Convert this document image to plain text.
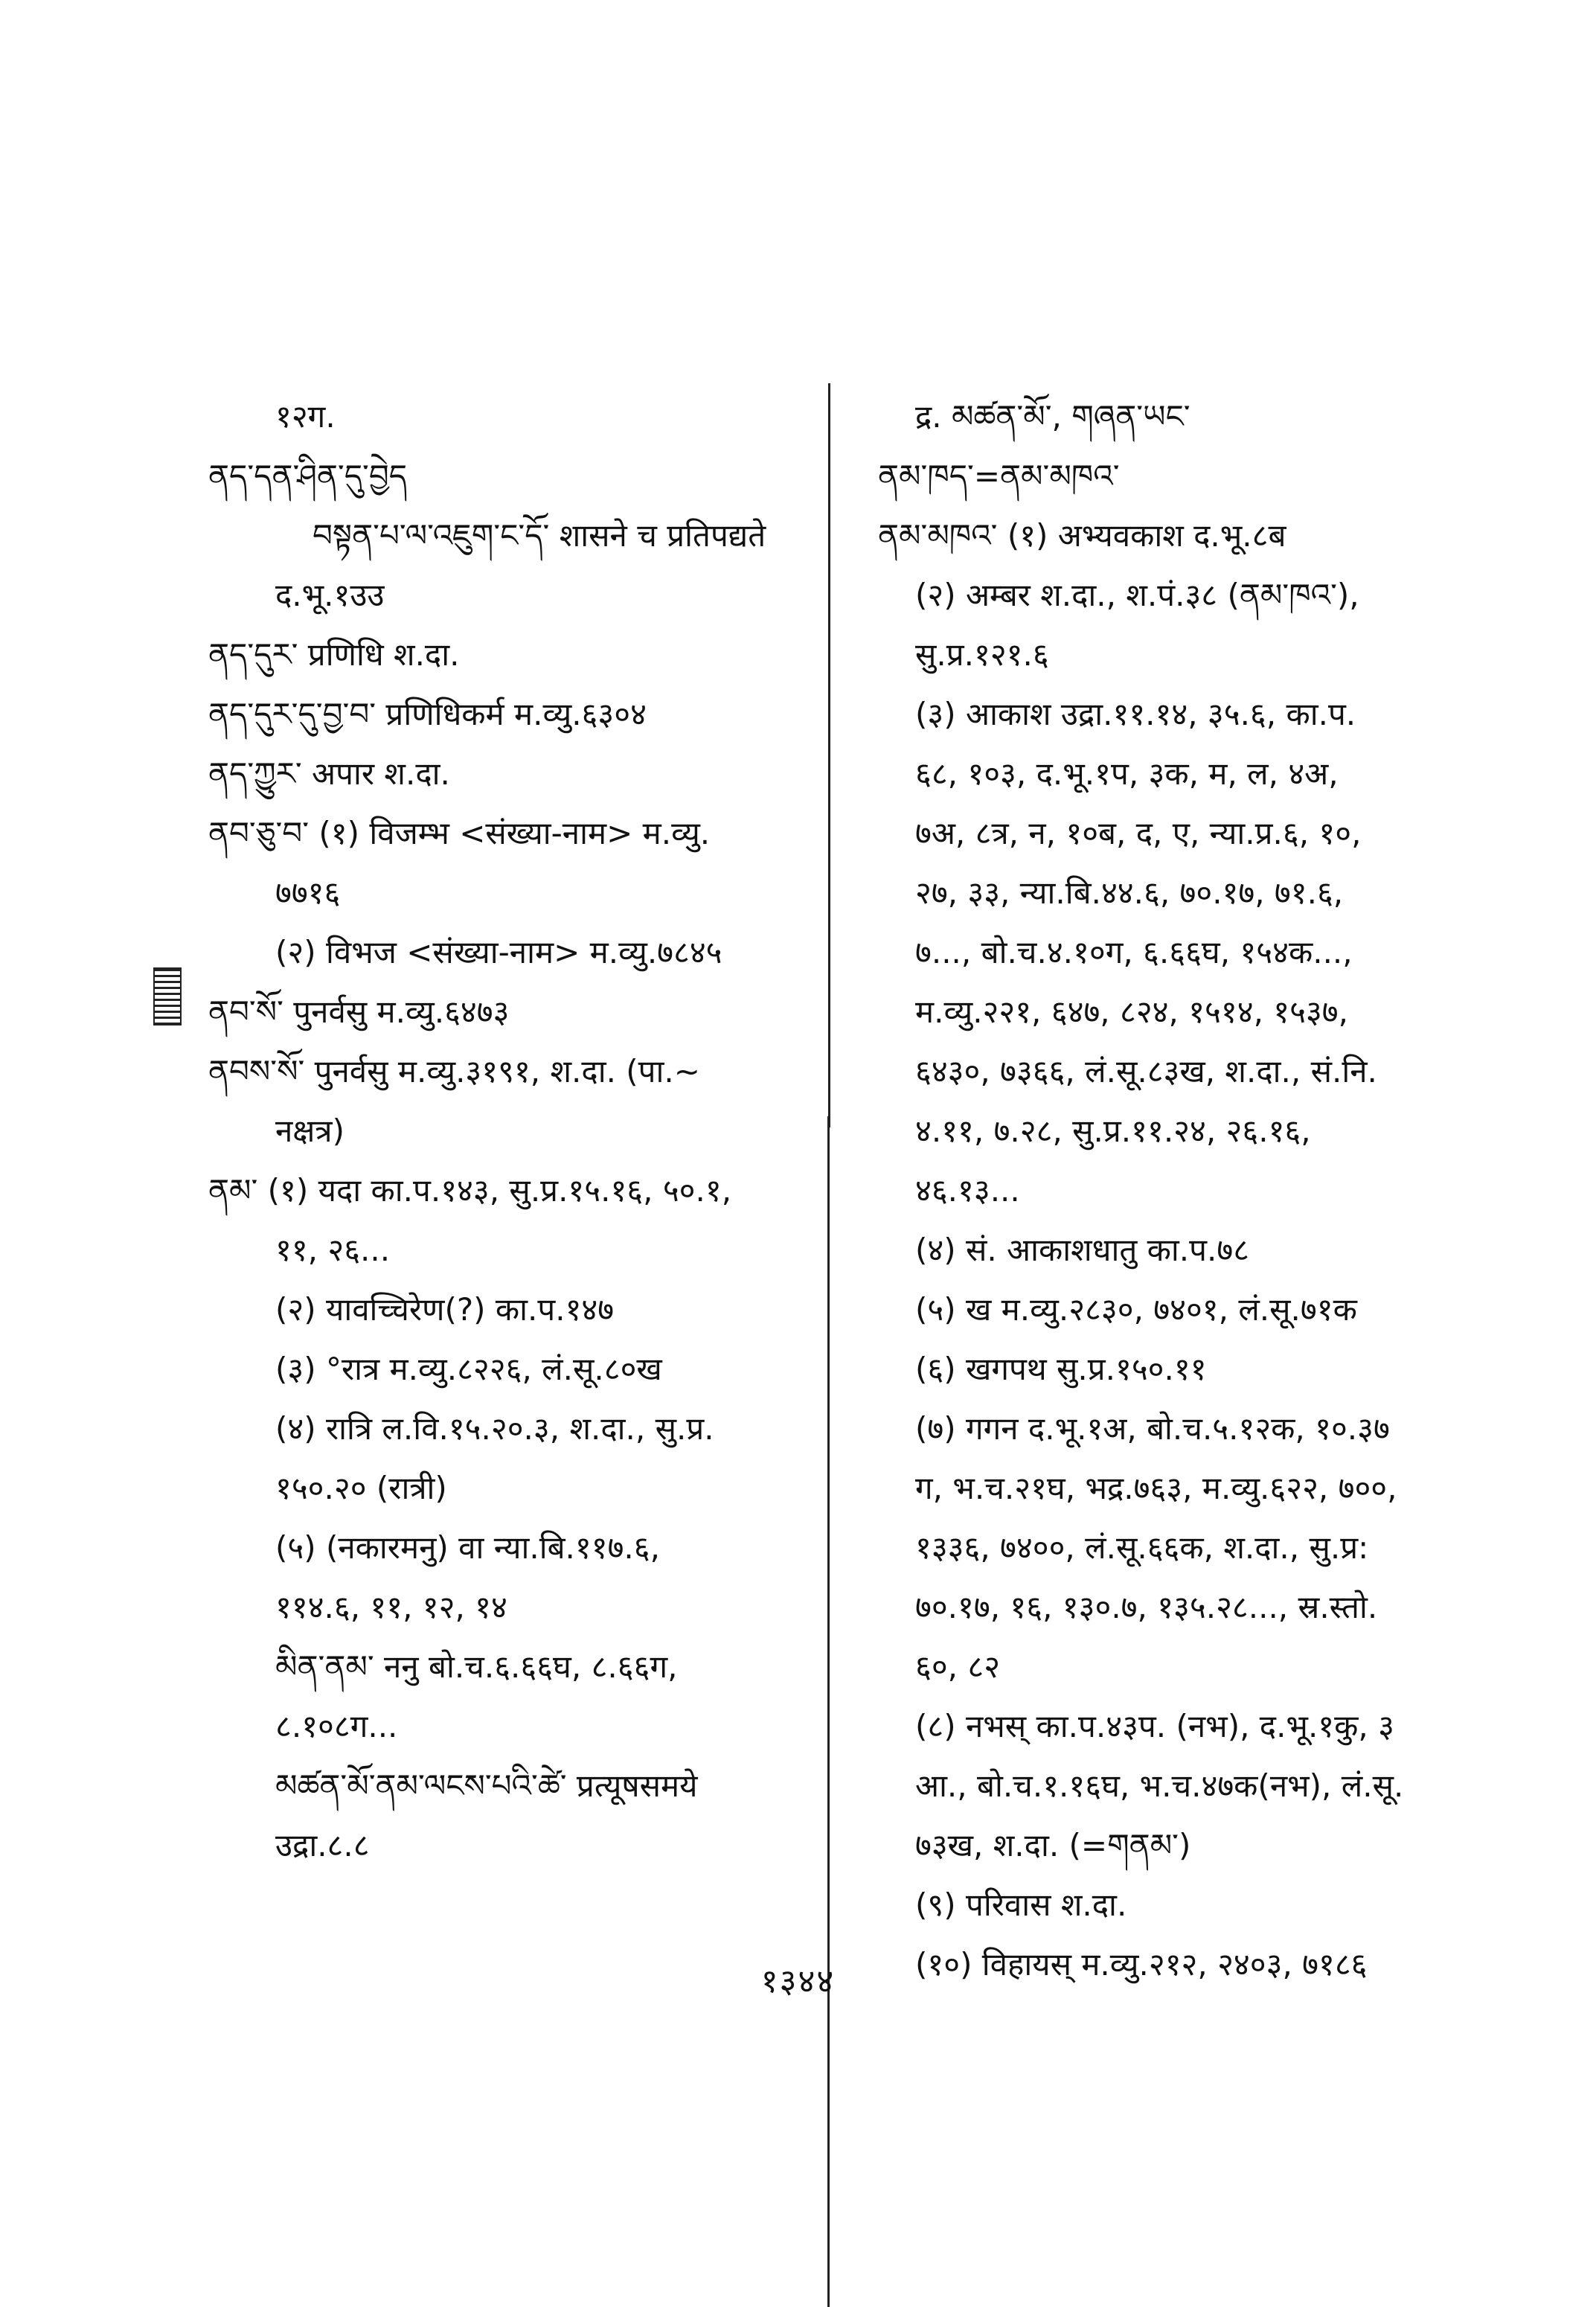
१२ग.
ནད་དན་ཤིན་དུ་བྱེད
བསྟན་པ་ལ་འཇུག་ང་དོ་ शासने च प्रतिपद्यते
द.भू.१उउ
ནད་དུར་ प्रणिधि श.दा.
ནད་དུར་དུ་བྱ་བ་ प्रणिधिकर्म म.व्यु.६३०४
ནད་ཀྱུར་ अपार श.दा.
ནབ་ཅུ་བ་ (१) विजम्भ <संख्या-नाम> म.व्यु.
७७१६
(२) विभज <संख्या-नाम> म.व्यु.७८४५
ནབ་སོ་ पुनर्वसु म.व्यु.६४७३
ནབས་སོ་ पुनर्वसु म.व्यु.३१९१, श.दा. (पा.~
नक्षत्र)
ནམ་ (१) यदा का.प.१४३, सु.प्र.१५.१६, ५०.१,
११, २६...
(२) यावच्चिरेण(?) का.प.१४७
(३) °रात्र म.व्यु.८२२६, लं.सू.८०ख
(४) रात्रि ल.वि.१५.२०.३, श.दा., सु.प्र.
१५०.२० (रात्री)
(५) (नकारमनु) वा न्या.बि.११७.६,
११४.६, ११, १२, १४
མིན་ནམ་ ननु बो.च.६.६६घ, ८.६६ग,
८.१०८ग...
མཚན་མོ་ནམ་ལངས་པའི་ཚེ་ प्रत्यूषसमये
उद्रा.८.८
द्र. མཚན་མོ་, གཞན་ཡང་
ནམ་ཁད་=ནམ་མཁའ་
ནམ་མཁའ་ (१) अभ्यवकाश द.भू.८ब
(२) अम्बर श.दा., श.पं.३८ (ནམ་ཁའ་),
सु.प्र.१२१.६
(३) आकाश उद्रा.११.१४, ३५.६, का.प.
६८, १०३, द.भू.१प, ३क, म, ल, ४अ,
७अ, ८त्र, न, १०ब, द, ए, न्या.प्र.६, १०,
२७, ३३, न्या.बि.४४.६, ७०.१७, ७१.६,
७..., बो.च.४.१०ग, ६.६६घ, १५४क...,
म.व्यु.२२१, ६४७, ८२४, १५१४, १५३७,
६४३०, ७३६६, लं.सू.८३ख, श.दा., सं.नि.
४.११, ७.२८, सु.प्र.११.२४, २६.१६,
४६.१३...
(४) सं. आकाशधातु का.प.७८
(५) ख म.व्यु.२८३०, ७४०१, लं.सू.७१क
(६) खगपथ सु.प्र.१५०.११
(७) गगन द.भू.१अ, बो.च.५.१२क, १०.३७
ग, भ.च.२१घ, भद्र.७६३, म.व्यु.६२२, ७००,
१३३६, ७४००, लं.सू.६६क, श.दा., सु.प्र:
७०.१७, १६, १३०.७, १३५.२८..., स्र.स्तो.
६०, ८२
(८) नभस् का.प.४३प. (नभ), द.भू.१कु, ३
आ., बो.च.१.१६घ, भ.च.४७क(नभ), लं.सू.
७३ख, श.दा. (=གནམ་)
(९) परिवास श.दा.
(१०) विहायस् म.व्यु.२१२, २४०३, ७१८६
१३४४
